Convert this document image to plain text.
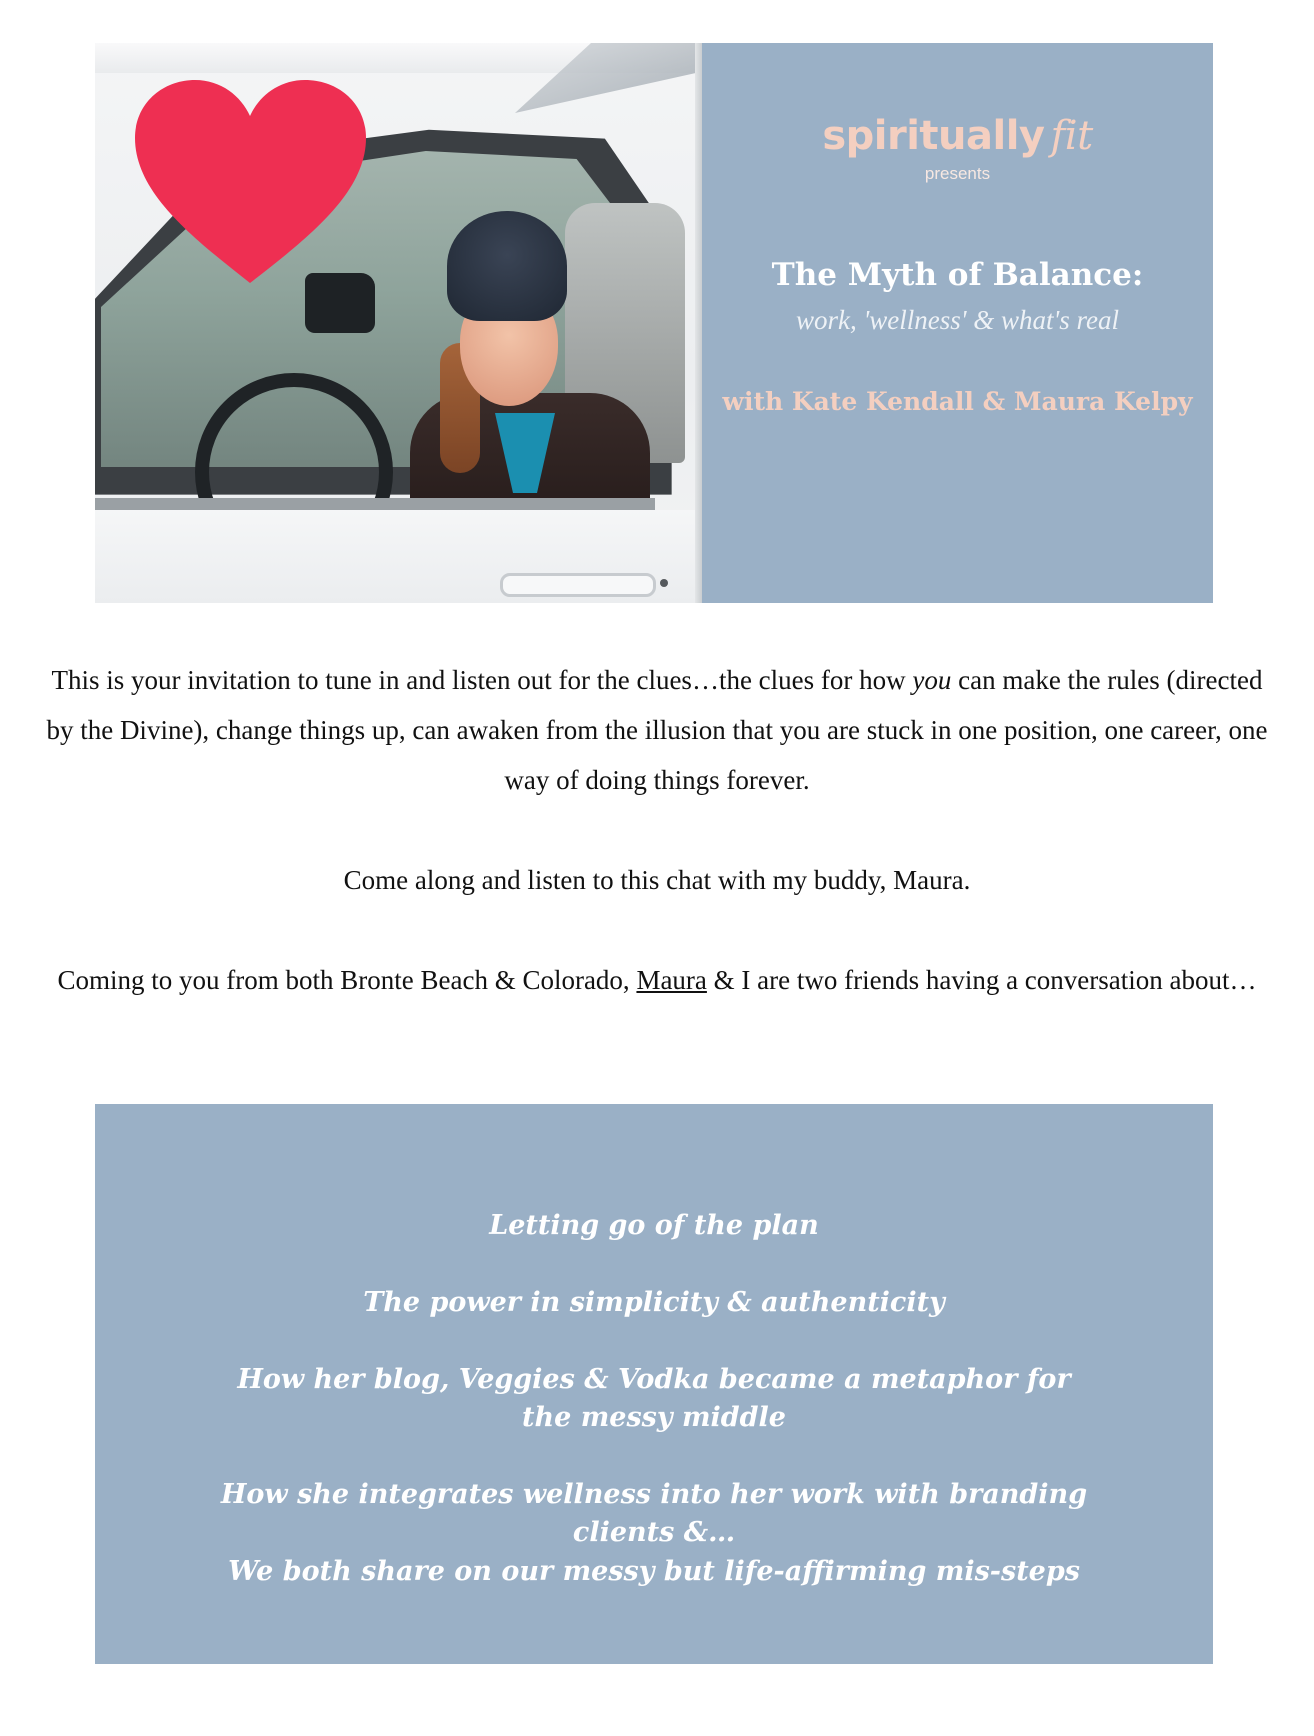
spiritually fit
presents
The Myth of Balance:
work, 'wellness' & what's real
with Kate Kendall & Maura Kelpy

This is your invitation to tune in and listen out for the clues…the clues for how you can make the rules (directed by the Divine), change things up, can awaken from the illusion that you are stuck in one position, one career, one way of doing things forever.

Come along and listen to this chat with my buddy, Maura.

Coming to you from both Bronte Beach & Colorado, Maura & I are two friends having a conversation about…

Letting go of the plan

The power in simplicity & authenticity

How her blog, Veggies & Vodka became a metaphor for the messy middle

How she integrates wellness into her work with branding clients &…

We both share on our messy but life-affirming mis-steps
